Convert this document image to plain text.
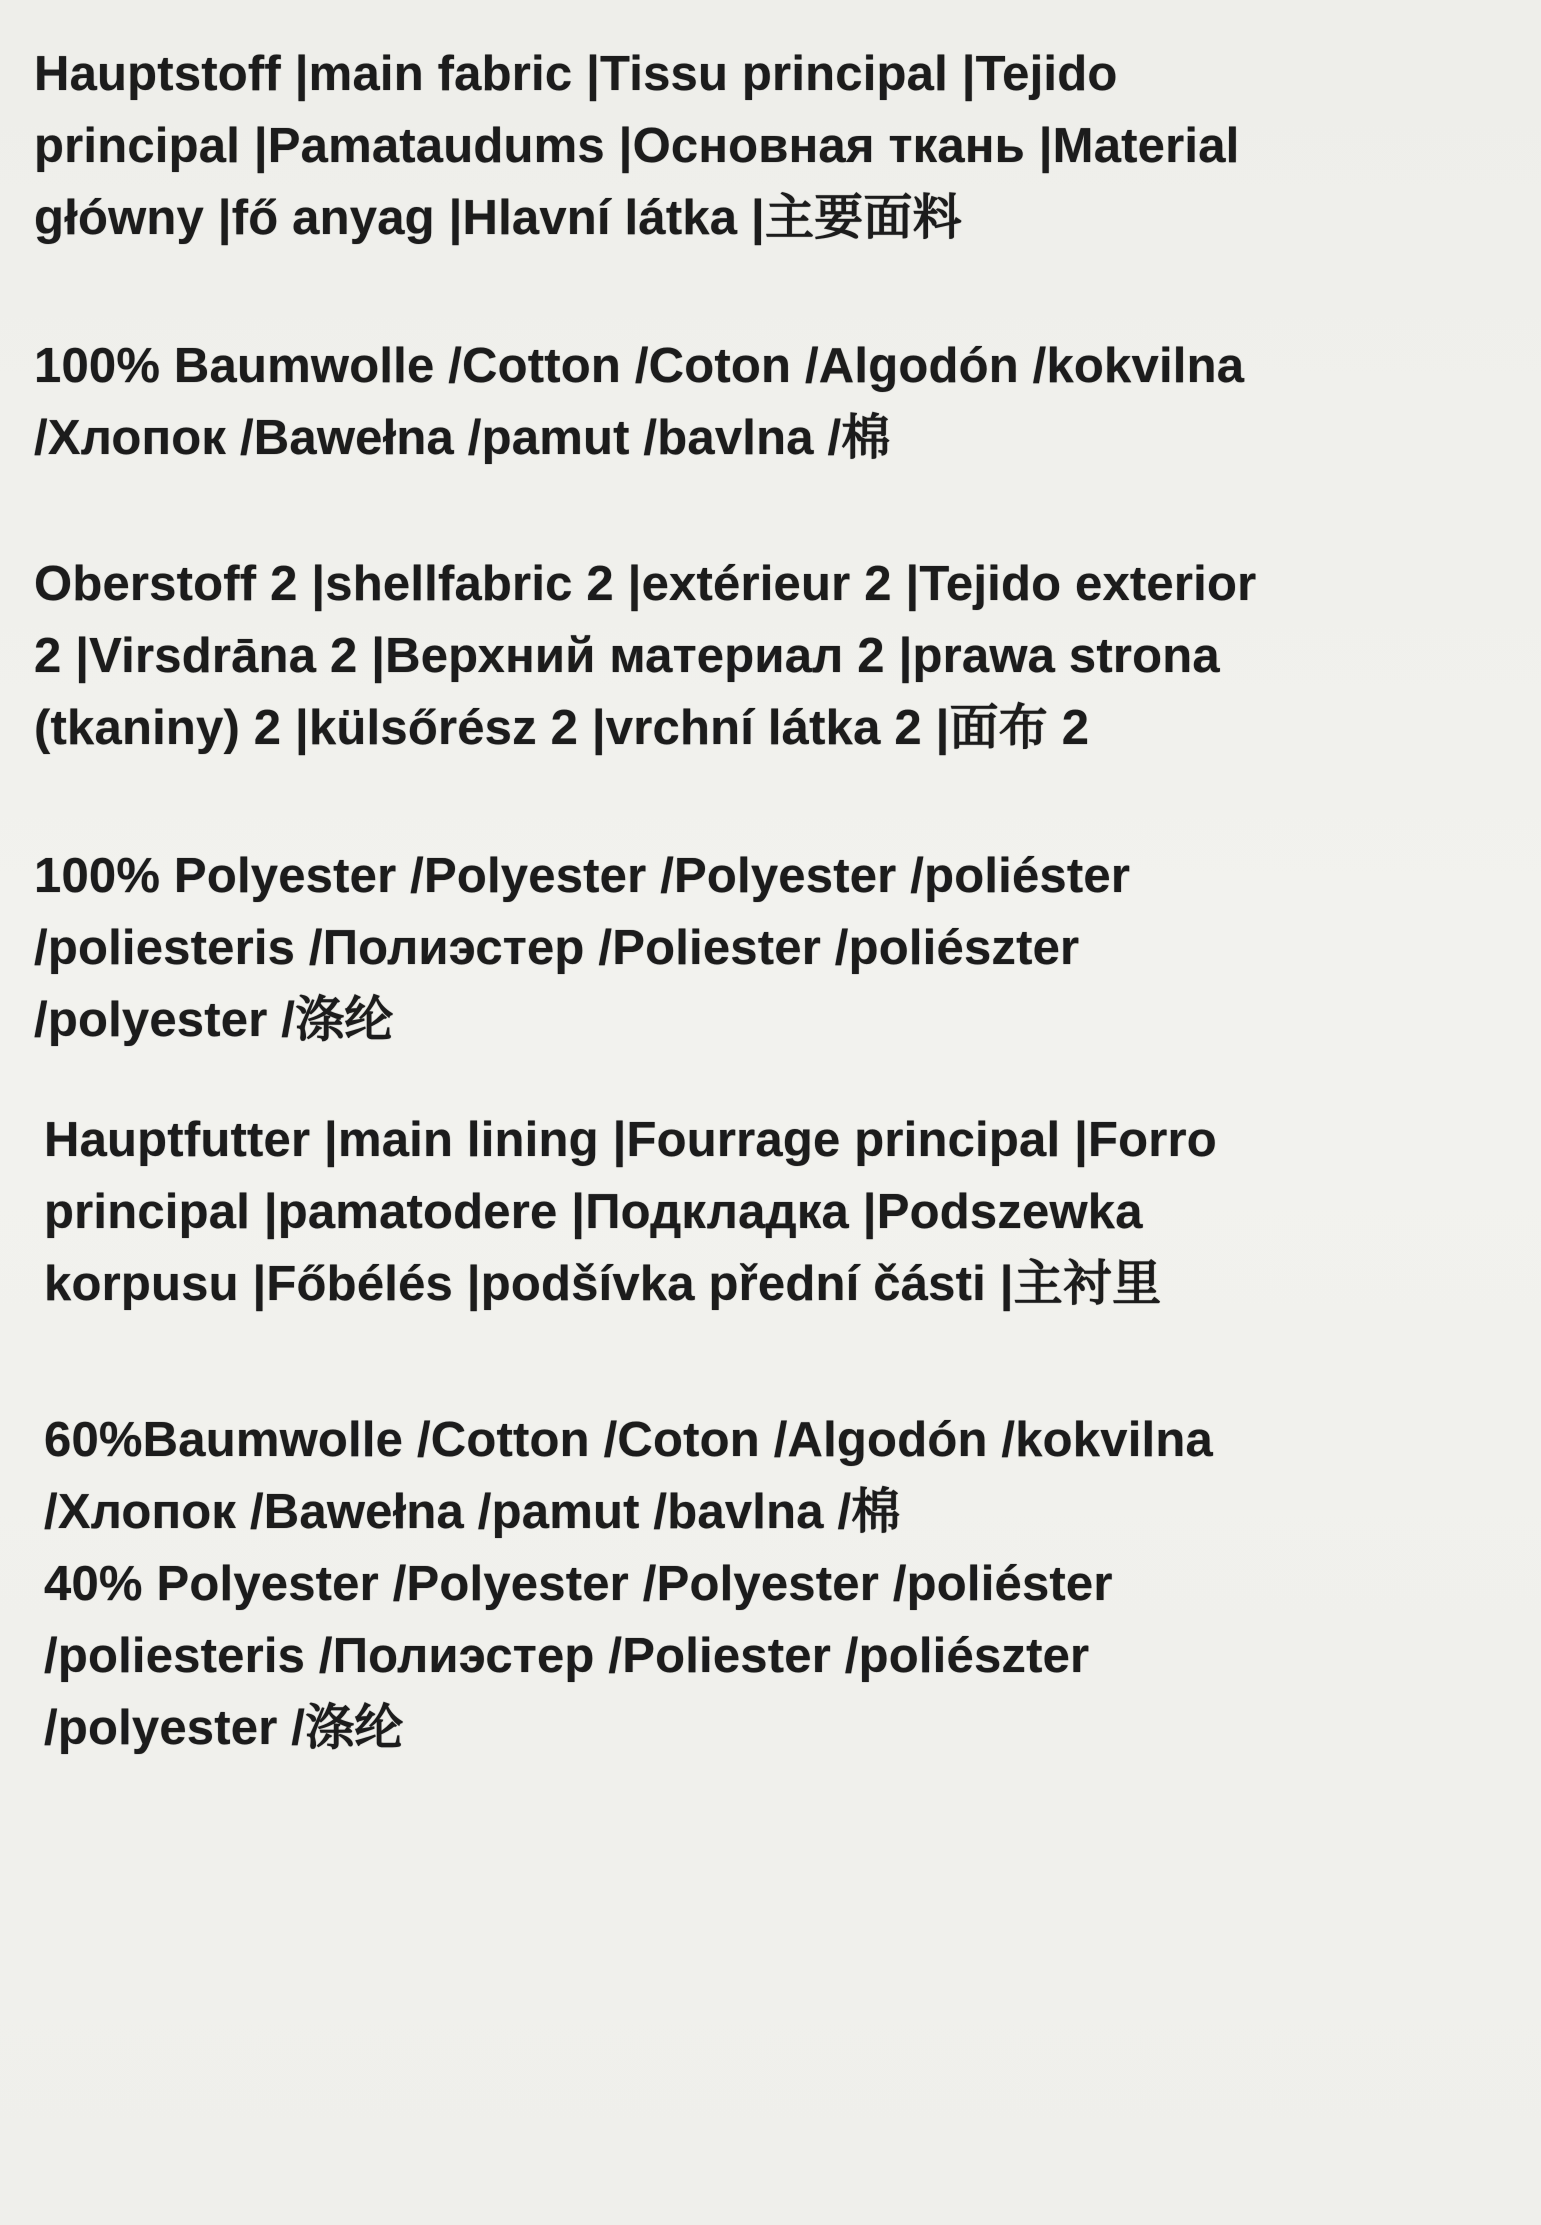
Hauptstoff |main fabric |Tissu principal |Tejido
principal |Pamataudums |Основная ткань |Material
główny |fő anyag |Hlavní látka |主要面料
100% Baumwolle /Cotton /Coton /Algodón /kokvilna
/Хлопок /Bawełna /pamut /bavlna /棉
Oberstoff 2 |shellfabric 2 |extérieur 2 |Tejido exterior
2 |Virsdrāna 2 |Верхний материал 2 |prawa strona
(tkaniny) 2 |külsőrész 2 |vrchní látka 2 |面布 2
100% Polyester /Polyester /Polyester /poliéster
/poliesteris /Полиэстер /Poliester /poliészter
/polyester /涤纶
Hauptfutter |main lining |Fourrage principal |Forro
principal |pamatodere |Подкладка |Podszewka
korpusu |Főbélés |podšívka přední části |主衬里
60%Baumwolle /Cotton /Coton /Algodón /kokvilna
/Хлопок /Bawełna /pamut /bavlna /棉
40% Polyester /Polyester /Polyester /poliéster
/poliesteris /Полиэстер /Poliester /poliészter
/polyester /涤纶
